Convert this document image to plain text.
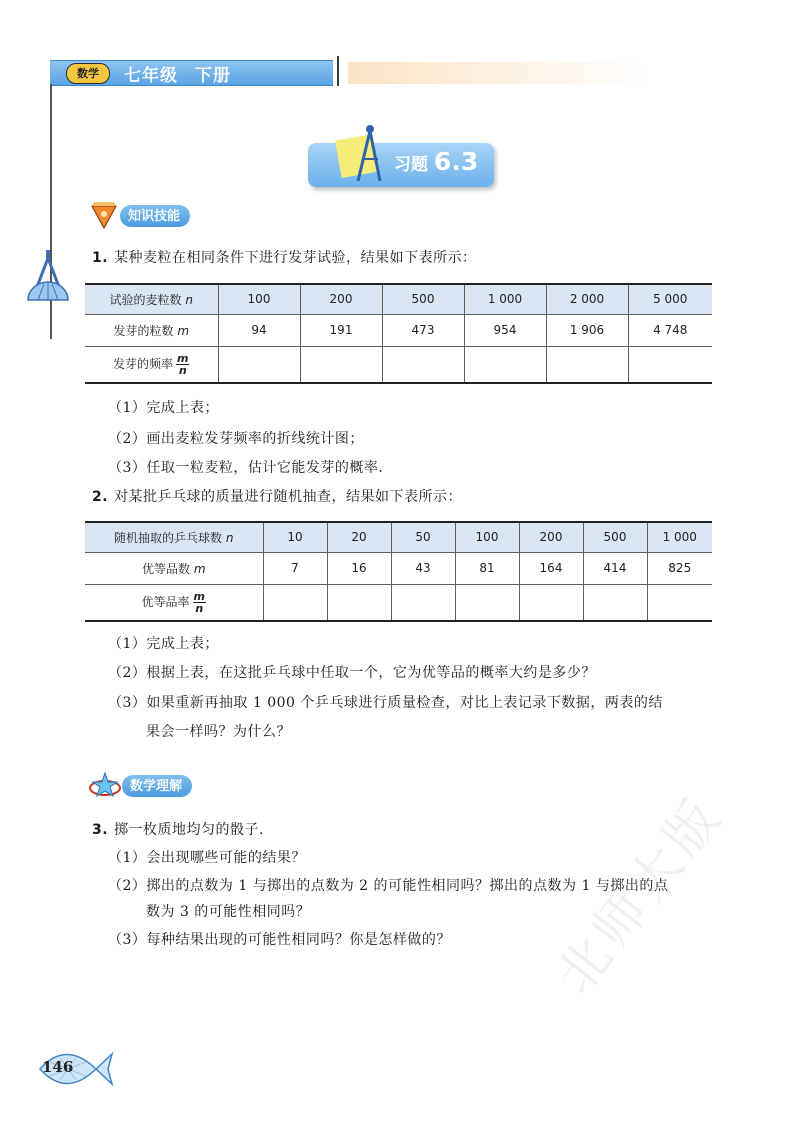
数学	七年级 下册
习题 6.3
知识技能
1. 某种麦粒在相同条件下进行发芽试验，结果如下表所示：
试验的麦粒数 n	100	200	500	1 000	2 000	5 000
发芽的粒数 m	94	191	473	954	1 906	4 748
发芽的频率 $\frac{m}{n}$

（1）完成上表；
（2）画出麦粒发芽频率的折线统计图；
（3）任取一粒麦粒，估计它能发芽的概率.
2. 对某批乒乓球的质量进行随机抽查，结果如下表所示：
随机抽取的乒乓球数 n	10	20	50	100	200	500	1 000
优等品数 m	7	16	43	81	164	414	825
优等品率 $\frac{m}{n}$

（1）完成上表；
（2）根据上表，在这批乒乓球中任取一个，它为优等品的概率大约是多少？
（3）如果重新再抽取 1 000 个乒乓球进行质量检查，对比上表记录下数据，两表的结
果会一样吗？为什么？
数学理解
3. 掷一枚质地均匀的骰子.
（1）会出现哪些可能的结果？
（2）掷出的点数为 1 与掷出的点数为 2 的可能性相同吗？掷出的点数为 1 与掷出的点
数为 3 的可能性相同吗？
（3）每种结果出现的可能性相同吗？你是怎样做的？
146
北师大版
